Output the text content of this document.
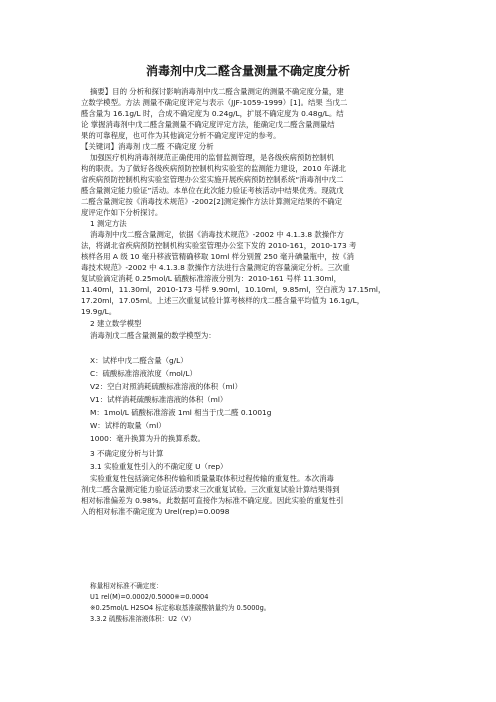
消毒剂中戊二醛含量测量不确定度分析
摘要】目的 分析和探讨影响消毒剂中戊二醛含量测定的测量不确定度分量，建
立数学模型。方法 测量不确定度评定与表示（JJF-1059-1999）[1]。结果 当戊二
醛含量为 16.1g/L 时，合成不确定度为 0.24g/L，扩展不确定度为 0.48g/L。结
论 掌握消毒剂中戊二醛含量测量不确定度评定方法，能确定戊二醛含量测量结
果的可靠程度，也可作为其他滴定分析不确定度评定的参考。
【关键词】消毒剂 戊二醛 不确定度 分析
加强医疗机构消毒剂规范正确使用的监督监测管理，是各级疾病预防控制机
构的职责。为了做好各级疾病预防控制机构实验室的监测能力建设，2010 年湖北
省疾病预防控制机构实验室管理办公室实施开展疾病预防控制系统“消毒剂中戊二
醛含量测定能力验证”活动。本单位在此次能力验证考核活动中结果优秀。现就戊
二醛含量测定按《消毒技术规范》-2002[2]测定操作方法计算测定结果的不确定
度评定作如下分析探讨。
1 测定方法
消毒剂中戊二醛含量测定，依据《消毒技术规范》-2002 中 4.1.3.8 款操作方
法，将湖北省疾病预防控制机构实验室管理办公室下发的 2010-161，2010-173 考
核样各用 A 级 10 毫升移液管精确移取 10ml 样分别置 250 毫升碘量瓶中，按《消
毒技术规范》-2002 中 4.1.3.8 款操作方法进行含量测定的容量滴定分析。三次重
复试验滴定消耗 0.25mol/L 硫酸标准溶液分别为：2010-161 号样 11.30ml，
11.40ml，11.30ml，2010-173 号样 9.90ml，10.10ml，9.85ml，空白液为 17.15ml，
17.20ml，17.05ml。上述三次重复试验计算考核样的戊二醛含量平均值为 16.1g/L，
19.9g/L。
2 建立数学模型
消毒剂戊二醛含量测量的数学模型为：
X：试样中戊二醛含量（g/L）
C：硫酸标准溶液浓度（mol/L）
V2：空白对照消耗硫酸标准溶液的体积（ml）
V1：试样消耗硫酸标准溶液的体积（ml）
M：1mol/L 硫酸标准溶液 1ml 相当于戊二醛 0.1001g
W：试样的取量（ml）
1000：毫升换算为升的换算系数。
3 不确定度分析与计算
3.1 实验重复性引入的不确定度 U（rep）
实验重复性包括滴定体积传输和质量量取体积过程传输的重复性。本次消毒
剂戊二醛含量测定能力验证活动要求三次重复试验。三次重复试验计算结果得到
相对标准偏差为 0.98%。此数据可直接作为标准不确定度。因此实验的重复性引
入的相对标准不确定度为 Urel(rep)=0.0098
称量相对标准不确定度：
U1 rel(M)=0.0002/0.5000※=0.0004
※0.25mol/L H2SO4 标定称取基准碳酸钠量约为 0.5000g。
3.3.2 硫酸标准溶液体积：U2（V）
